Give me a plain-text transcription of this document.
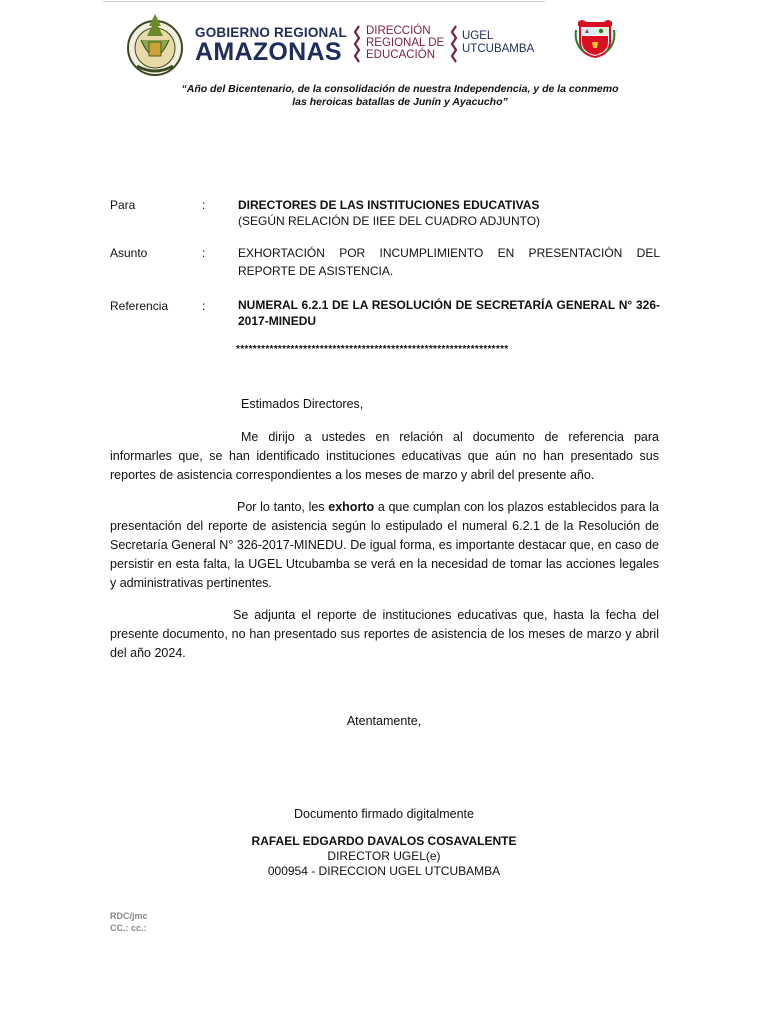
GOBIERNO REGIONAL
AMAZONAS
DIRECCIÓN
REGIONAL DE
EDUCACIÓN
UGEL
UTCUBAMBA
“Año del Bicentenario, de la consolidación de nuestra Independencia, y de la conmemo
las heroicas batallas de Junín y Ayacucho”
Para	:	DIRECTORES DE LAS INSTITUCIONES EDUCATIVAS
(SEGÚN RELACIÓN DE IIEE DEL CUADRO ADJUNTO)
Asunto	:	EXHORTACIÓN POR INCUMPLIMIENTO EN PRESENTACIÓN DEL REPORTE DE ASISTENCIA.
Referencia	:	NUMERAL 6.2.1 DE LA RESOLUCIÓN DE SECRETARÍA GENERAL N° 326-2017-MINEDU
*****************************************************************
Estimados Directores,
Me dirijo a ustedes en relación al documento de referencia para informarles que, se han identificado instituciones educativas que aún no han presentado sus reportes de asistencia correspondientes a los meses de marzo y abril del presente año.
Por lo tanto, les exhorto a que cumplan con los plazos establecidos para la presentación del reporte de asistencia según lo estipulado el numeral 6.2.1 de la Resolución de Secretaría General N° 326-2017-MINEDU. De igual forma, es importante destacar que, en caso de persistir en esta falta, la UGEL Utcubamba se verá en la necesidad de tomar las acciones legales y administrativas pertinentes.
Se adjunta el reporte de instituciones educativas que, hasta la fecha del presente documento, no han presentado sus reportes de asistencia de los meses de marzo y abril del año 2024.
Atentamente,
Documento firmado digitalmente
RAFAEL EDGARDO DAVALOS COSAVALENTE
DIRECTOR UGEL(e)
000954 - DIRECCION UGEL UTCUBAMBA
RDC/jmc
CC.: cc.:
